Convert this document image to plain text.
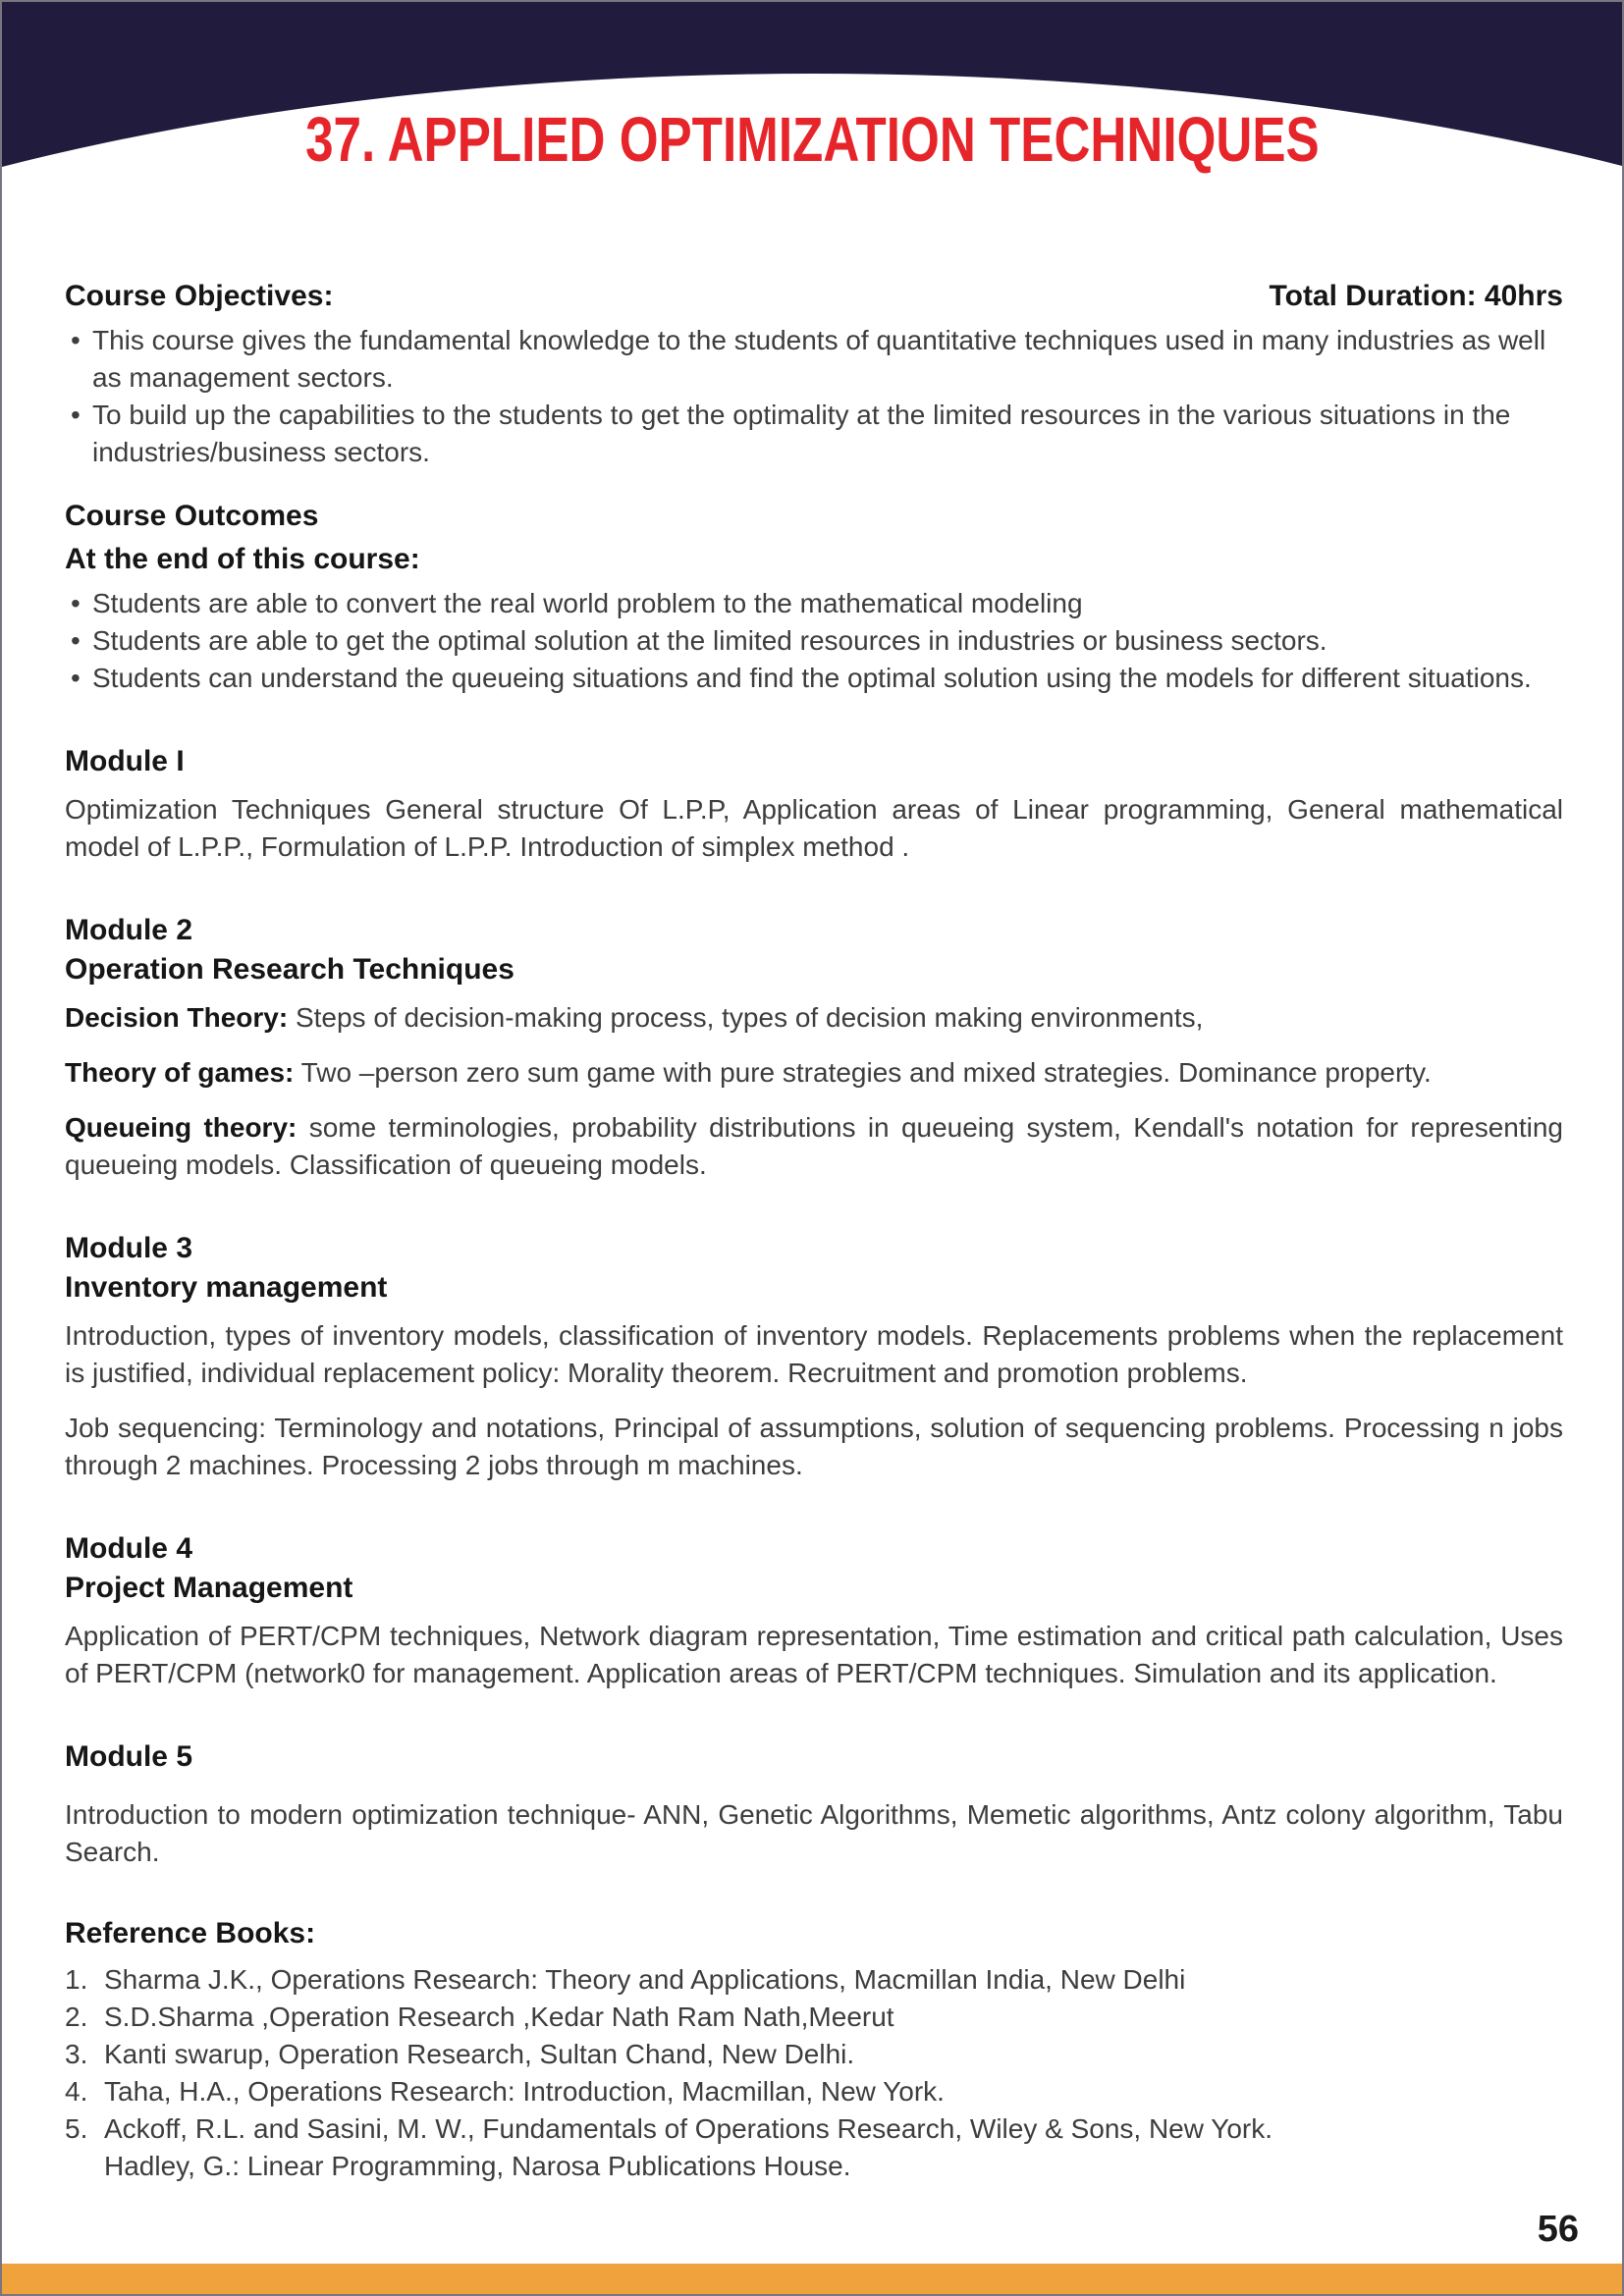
37. APPLIED OPTIMIZATION TECHNIQUES
Course Objectives:	Total Duration: 40hrs
• This course gives the fundamental knowledge to the students of quantitative techniques used in many industries as well as management sectors.
• To build up the capabilities to the students to get the optimality at the limited resources in the various situations in the industries/business sectors.
Course Outcomes
At the end of this course:
• Students are able to convert the real world problem to the mathematical modeling
• Students are able to get the optimal solution at the limited resources in industries or business sectors.
• Students can understand the queueing situations and find the optimal solution using the models for different situations.
Module I

Optimization Techniques General structure Of L.P.P, Application areas of Linear programming, General mathematical model of L.P.P., Formulation of L.P.P. Introduction of simplex method .

Module 2
Operation Research Techniques

Decision Theory: Steps of decision-making process, types of decision making environments,

Theory of games: Two –person zero sum game with pure strategies and mixed strategies. Dominance property.

Queueing theory: some terminologies, probability distributions in queueing system, Kendall's notation for representing queueing models. Classification of queueing models.

Module 3
Inventory management

Introduction, types of inventory models, classification of inventory models. Replacements problems when the replacement is justified, individual replacement policy: Morality theorem. Recruitment and promotion problems.

Job sequencing: Terminology and notations, Principal of assumptions, solution of sequencing problems. Processing n jobs through 2 machines. Processing 2 jobs through m machines.

Module 4
Project Management

Application of PERT/CPM techniques, Network diagram representation, Time estimation and critical path calculation, Uses of PERT/CPM (network0 for management. Application areas of PERT/CPM techniques. Simulation and its application.

Module 5

Introduction to modern optimization technique- ANN, Genetic Algorithms, Memetic algorithms, Antz colony algorithm, Tabu Search.

Reference Books:
1. Sharma J.K., Operations Research: Theory and Applications, Macmillan India, New Delhi
2. S.D.Sharma ,Operation Research ,Kedar Nath Ram Nath,Meerut
3. Kanti swarup, Operation Research, Sultan Chand, New Delhi.
4. Taha, H.A., Operations Research: Introduction, Macmillan, New York.
5. Ackoff, R.L. and Sasini, M. W., Fundamentals of Operations Research, Wiley & Sons, New York.
Hadley, G.: Linear Programming, Narosa Publications House.
56
